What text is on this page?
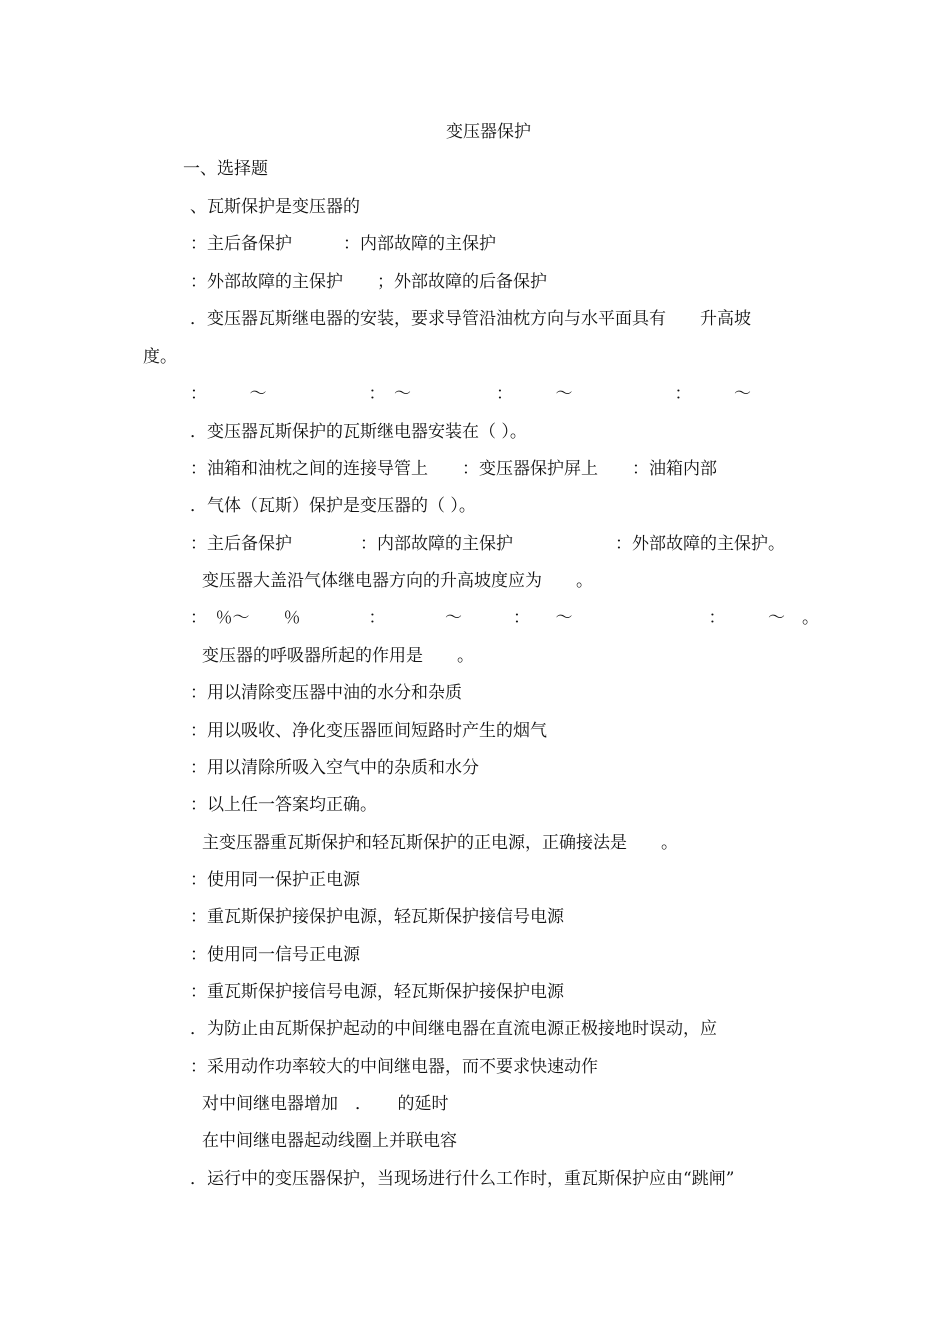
变压器保护
一、选择题
、瓦斯保护是变压器的
：主后备保护　　　：内部故障的主保护
：外部故障的主保护　　；外部故障的后备保护
．变压器瓦斯继电器的安装，要求导管沿油枕方向与水平面具有　　升高坡
度。
：　　　～　　　　　　：　～　　　　　：　　　～　　　　　　：　　　～
．变压器瓦斯保护的瓦斯继电器安装在（ ）。
：油箱和油枕之间的连接导管上　　：变压器保护屏上　　：油箱内部
．气体（瓦斯）保护是变压器的（ ）。
：主后备保护　　　　：内部故障的主保护　　　　　　：外部故障的主保护。
变压器大盖沿气体继电器方向的升高坡度应为　　。
：　％～　　％　　　　：　　　　～　　　：　　～　　　　　　　　：　　　～　。
变压器的呼吸器所起的作用是　　。
：用以清除变压器中油的水分和杂质
：用以吸收、净化变压器匝间短路时产生的烟气
：用以清除所吸入空气中的杂质和水分
：以上任一答案均正确。
主变压器重瓦斯保护和轻瓦斯保护的正电源，正确接法是　　。
：使用同一保护正电源
：重瓦斯保护接保护电源，轻瓦斯保护接信号电源
：使用同一信号正电源
：重瓦斯保护接信号电源，轻瓦斯保护接保护电源
．为防止由瓦斯保护起动的中间继电器在直流电源正极接地时误动，应
：采用动作功率较大的中间继电器，而不要求快速动作
对中间继电器增加　．　　的延时
在中间继电器起动线圈上并联电容
．运行中的变压器保护，当现场进行什么工作时，重瓦斯保护应由“跳闸”
